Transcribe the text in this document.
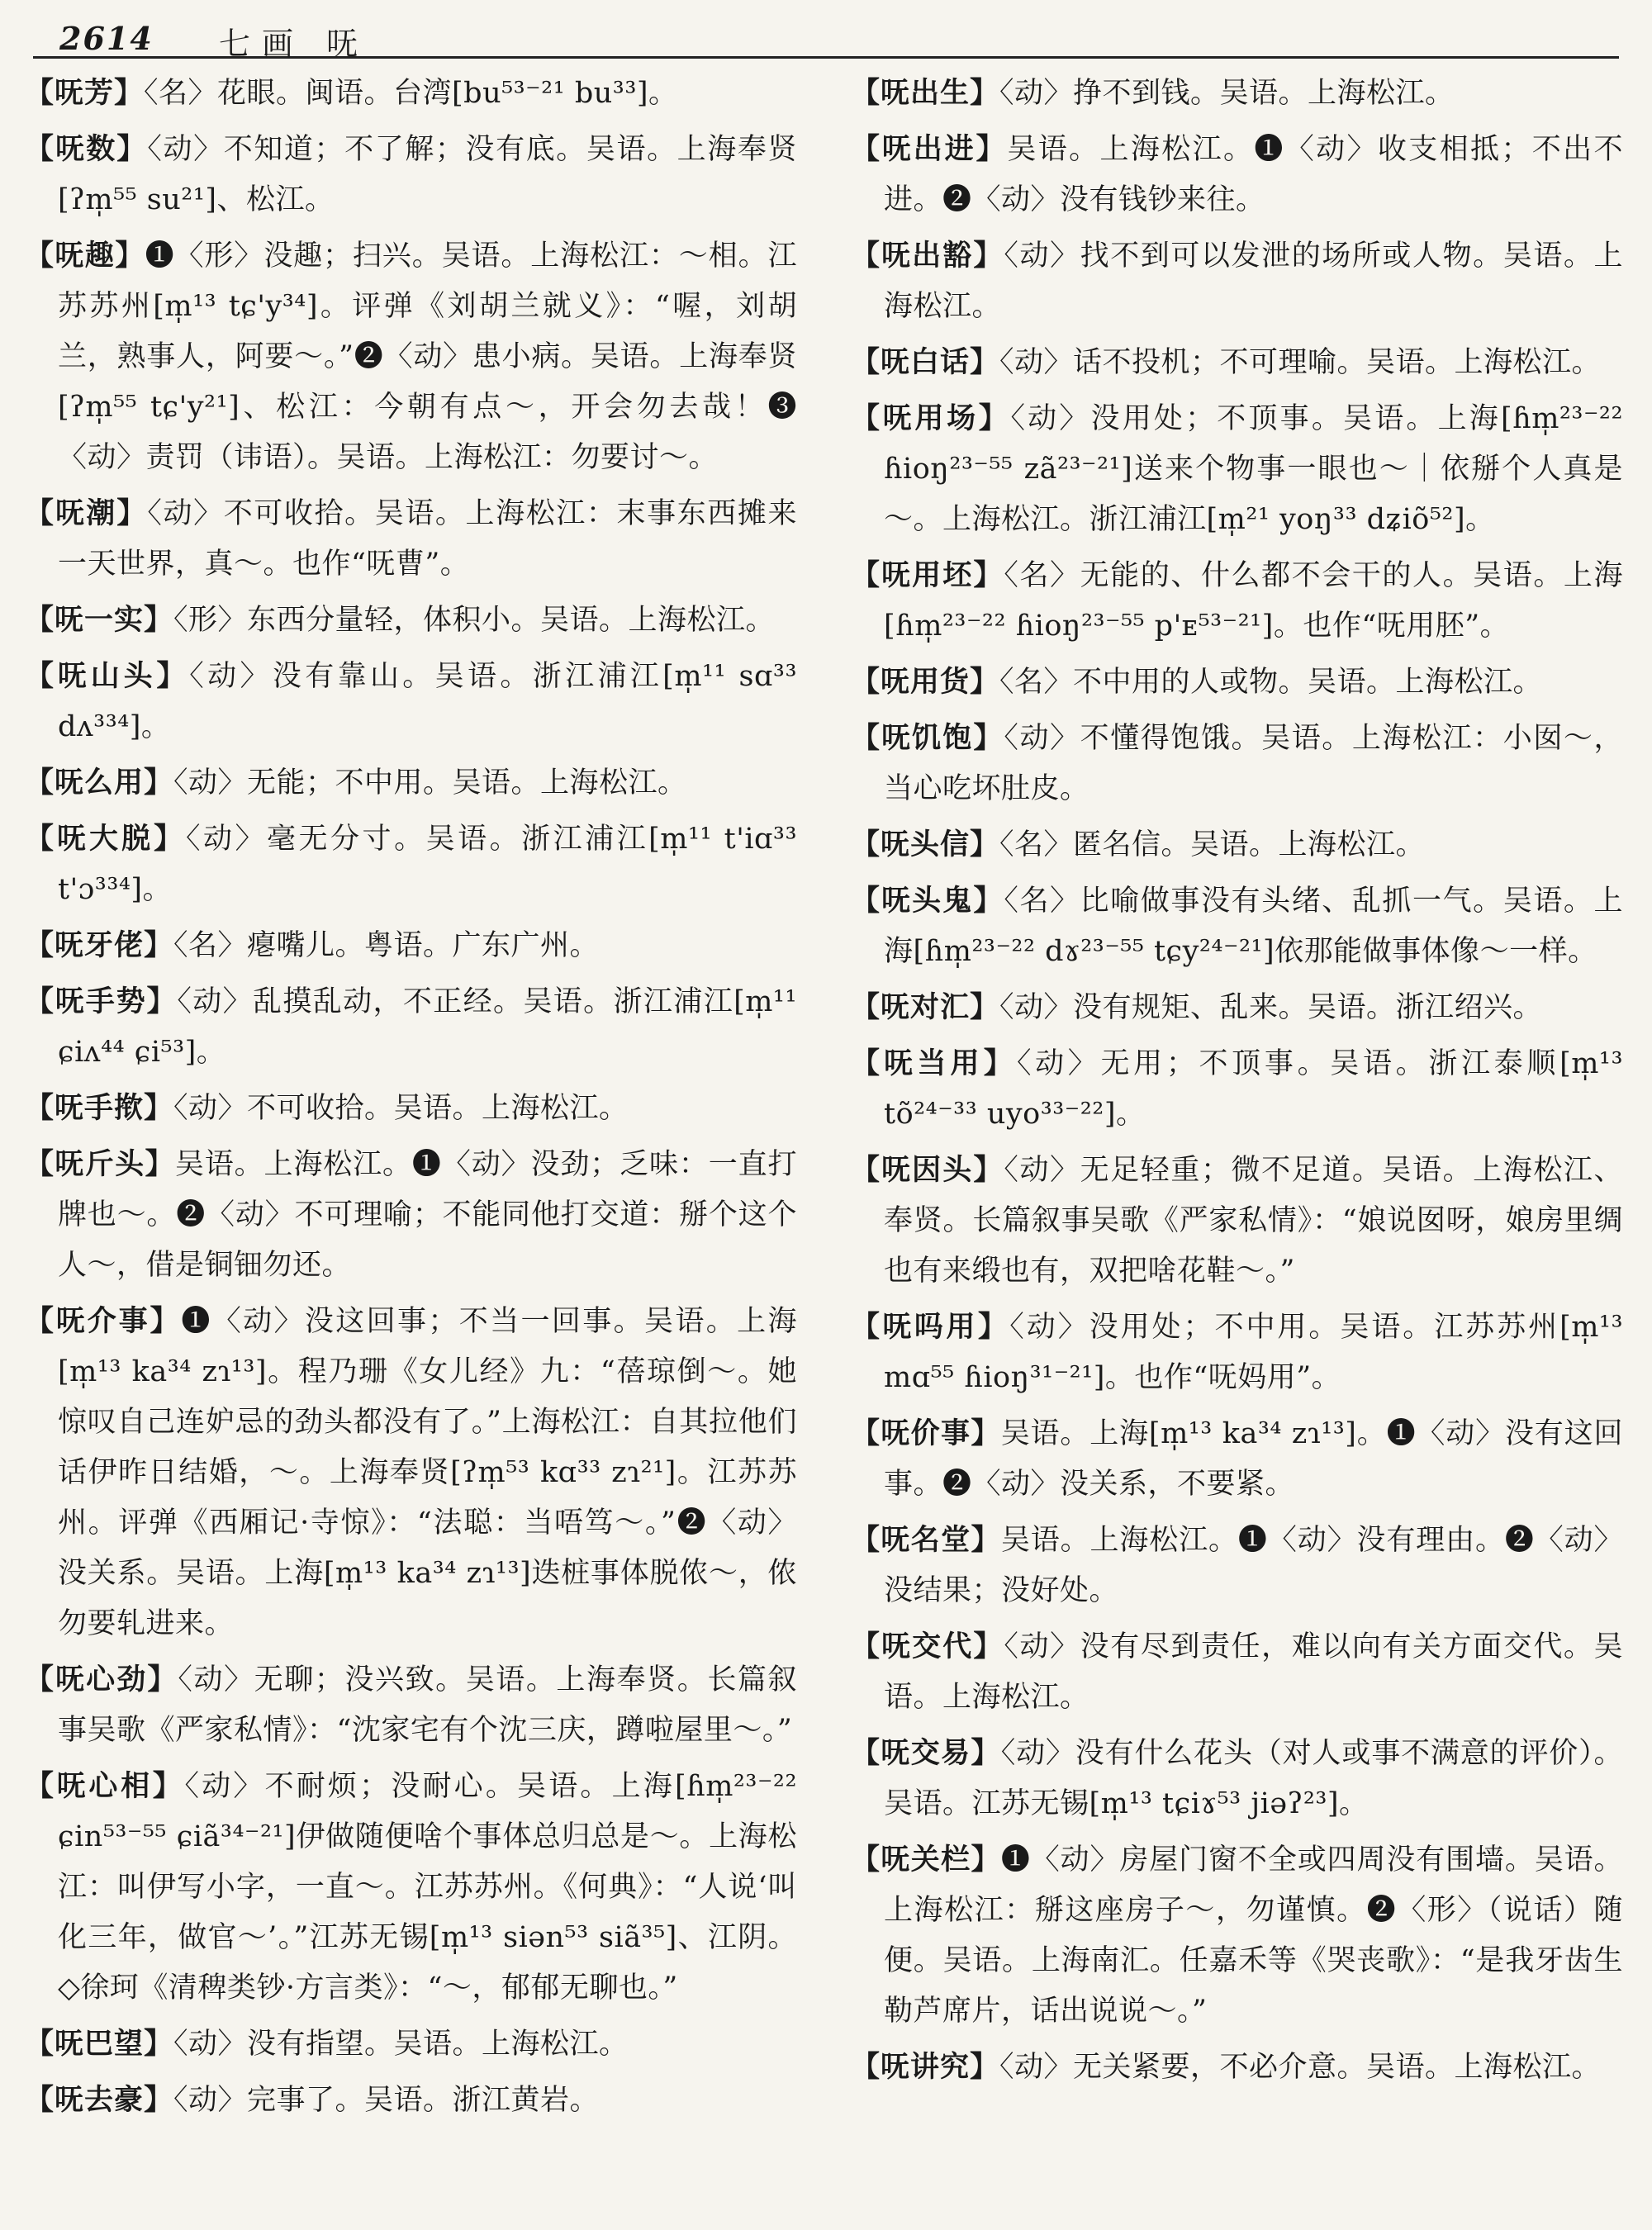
2614 七画 呒

【呒芳】〈名〉花眼。闽语。台湾[bu⁵³⁻²¹ bu³³]。

【呒数】〈动〉不知道；不了解；没有底。吴语。上海奉贤[ʔm̩⁵⁵ su²¹]、松江。

【呒趣】❶〈形〉没趣；扫兴。吴语。上海松江：～相。江苏苏州[m̩¹³ tɕ'y³⁴]。评弹《刘胡兰就义》：“喔，刘胡兰，熟事人，阿要～。”❷〈动〉患小病。吴语。上海奉贤[ʔm̩⁵⁵ tɕ'y²¹]、松江：今朝有点～，开会勿去哉！❸〈动〉责罚（讳语）。吴语。上海松江：勿要讨～。

【呒潮】〈动〉不可收拾。吴语。上海松江：末事东西摊来一天世界，真～。也作“呒曹”。

【呒一实】〈形〉东西分量轻，体积小。吴语。上海松江。

【呒山头】〈动〉没有靠山。吴语。浙江浦江[m̩¹¹ sɑ³³ dʌ³³⁴]。

【呒么用】〈动〉无能；不中用。吴语。上海松江。

【呒大脱】〈动〉毫无分寸。吴语。浙江浦江[m̩¹¹ t'iɑ³³ t'ɔ³³⁴]。

【呒牙佬】〈名〉瘪嘴儿。粤语。广东广州。

【呒手势】〈动〉乱摸乱动，不正经。吴语。浙江浦江[m̩¹¹ ɕiʌ⁴⁴ ɕi⁵³]。

【呒手揿】〈动〉不可收拾。吴语。上海松江。

【呒斤头】吴语。上海松江。❶〈动〉没劲；乏味：一直打牌也～。❷〈动〉不可理喻；不能同他打交道：掰个这个人～，借是铜钿勿还。

【呒介事】❶〈动〉没这回事；不当一回事。吴语。上海[m̩¹³ ka³⁴ zɿ¹³]。程乃珊《女儿经》九：“蓓琼倒～。她惊叹自己连妒忌的劲头都没有了。”上海松江：自其拉他们话伊昨日结婚，～。上海奉贤[ʔm̩⁵³ kɑ³³ zɿ²¹]。江苏苏州。评弹《西厢记·寺惊》：“法聪：当唔笃～。”❷〈动〉没关系。吴语。上海[m̩¹³ ka³⁴ zɿ¹³]迭桩事体脱侬～，侬勿要轧进来。

【呒心劲】〈动〉无聊；没兴致。吴语。上海奉贤。长篇叙事吴歌《严家私情》：“沈家宅有个沈三庆，蹲啦屋里～。”

【呒心相】〈动〉不耐烦；没耐心。吴语。上海[ɦm̩²³⁻²² ɕin⁵³⁻⁵⁵ ɕiã³⁴⁻²¹]伊做随便啥个事体总归总是～。上海松江：叫伊写小字，一直～。江苏苏州。《何典》：“人说‘叫化三年，做官～’。”江苏无锡[m̩¹³ siən⁵³ siã³⁵]、江阴。◇徐珂《清稗类钞·方言类》：“～，郁郁无聊也。”

【呒巴望】〈动〉没有指望。吴语。上海松江。

【呒去豪】〈动〉完事了。吴语。浙江黄岩。

【呒出生】〈动〉挣不到钱。吴语。上海松江。

【呒出进】吴语。上海松江。❶〈动〉收支相抵；不出不进。❷〈动〉没有钱钞来往。

【呒出豁】〈动〉找不到可以发泄的场所或人物。吴语。上海松江。

【呒白话】〈动〉话不投机；不可理喻。吴语。上海松江。

【呒用场】〈动〉没用处；不顶事。吴语。上海[ɦm̩²³⁻²² ɦioŋ²³⁻⁵⁵ zã²³⁻²¹]送来个物事一眼也～｜依掰个人真是～。上海松江。浙江浦江[m̩²¹ yoŋ³³ dʑiõ⁵²]。

【呒用坯】〈名〉无能的、什么都不会干的人。吴语。上海[ɦm̩²³⁻²² ɦioŋ²³⁻⁵⁵ p'ᴇ⁵³⁻²¹]。也作“呒用胚”。

【呒用货】〈名〉不中用的人或物。吴语。上海松江。

【呒饥饱】〈动〉不懂得饱饿。吴语。上海松江：小囡～，当心吃坏肚皮。

【呒头信】〈名〉匿名信。吴语。上海松江。

【呒头鬼】〈名〉比喻做事没有头绪、乱抓一气。吴语。上海[ɦm̩²³⁻²² dɤ²³⁻⁵⁵ tɕy²⁴⁻²¹]依那能做事体像～一样。

【呒对汇】〈动〉没有规矩、乱来。吴语。浙江绍兴。

【呒当用】〈动〉无用；不顶事。吴语。浙江泰顺[m̩¹³ tõ²⁴⁻³³ uyo³³⁻²²]。

【呒因头】〈动〉无足轻重；微不足道。吴语。上海松江、奉贤。长篇叙事吴歌《严家私情》：“娘说囡呀，娘房里绸也有来缎也有，双把啥花鞋～。”

【呒吗用】〈动〉没用处；不中用。吴语。江苏苏州[m̩¹³ mɑ⁵⁵ ɦioŋ³¹⁻²¹]。也作“呒妈用”。

【呒价事】吴语。上海[m̩¹³ ka³⁴ zɿ¹³]。❶〈动〉没有这回事。❷〈动〉没关系，不要紧。

【呒名堂】吴语。上海松江。❶〈动〉没有理由。❷〈动〉没结果；没好处。

【呒交代】〈动〉没有尽到责任，难以向有关方面交代。吴语。上海松江。

【呒交易】〈动〉没有什么花头（对人或事不满意的评价）。吴语。江苏无锡[m̩¹³ tɕiɤ⁵³ jiəʔ²³]。

【呒关栏】❶〈动〉房屋门窗不全或四周没有围墙。吴语。上海松江：掰这座房子～，勿谨慎。❷〈形〉（说话）随便。吴语。上海南汇。任嘉禾等《哭丧歌》：“是我牙齿生勒芦席片，话出说说～。”

【呒讲究】〈动〉无关紧要，不必介意。吴语。上海松江。
